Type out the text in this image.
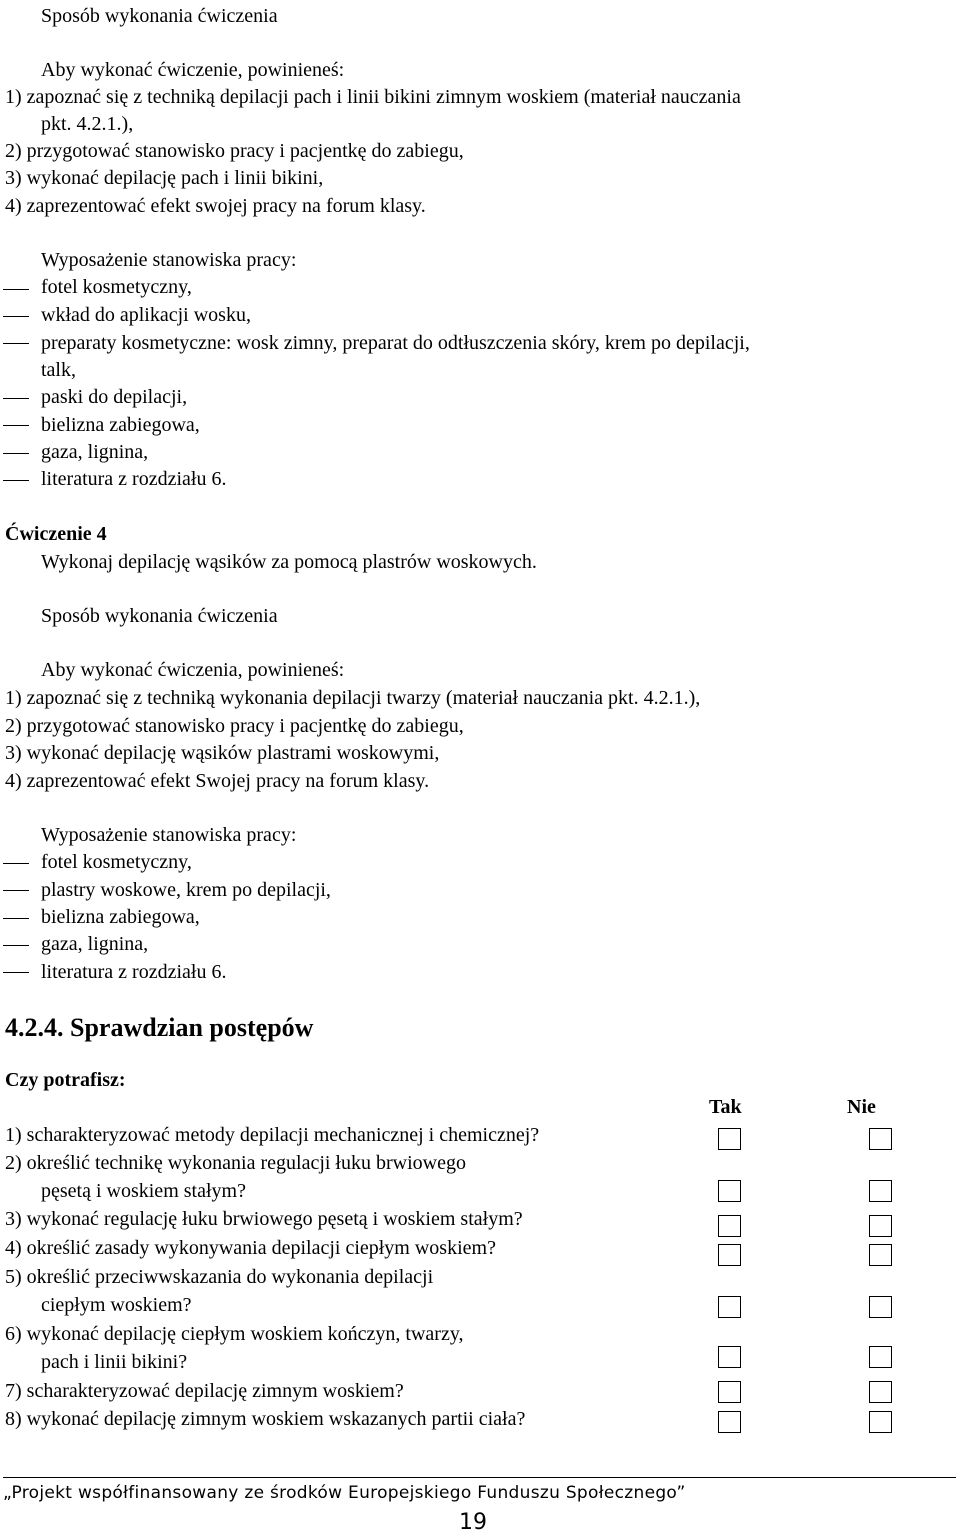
Sposób wykonania ćwiczenia
Aby wykonać ćwiczenie, powinieneś:
1) zapoznać się z techniką depilacji pach i linii bikini zimnym woskiem (materiał nauczania
pkt. 4.2.1.),
2) przygotować stanowisko pracy i pacjentkę do zabiegu,
3) wykonać depilację pach i linii bikini,
4) zaprezentować efekt swojej pracy na forum klasy.
Wyposażenie stanowiska pracy:
fotel kosmetyczny,
wkład do aplikacji wosku,
preparaty kosmetyczne: wosk zimny, preparat do odtłuszczenia skóry, krem po depilacji,
talk,
paski do depilacji,
bielizna zabiegowa,
gaza, lignina,
literatura z rozdziału 6.
Ćwiczenie 4
Wykonaj depilację wąsików za pomocą plastrów woskowych.
Sposób wykonania ćwiczenia
Aby wykonać ćwiczenia, powinieneś:
1) zapoznać się z techniką wykonania depilacji twarzy (materiał nauczania pkt. 4.2.1.),
2) przygotować stanowisko pracy i pacjentkę do zabiegu,
3) wykonać depilację wąsików plastrami woskowymi,
4) zaprezentować efekt Swojej pracy na forum klasy.
Wyposażenie stanowiska pracy:
fotel kosmetyczny,
plastry woskowe, krem po depilacji,
bielizna zabiegowa,
gaza, lignina,
literatura z rozdziału 6.
4.2.4. Sprawdzian postępów
Czy potrafisz:
Tak	Nie
1) scharakteryzować metody depilacji mechanicznej i chemicznej?
2) określić technikę wykonania regulacji łuku brwiowego
pęsetą i woskiem stałym?
3) wykonać regulację łuku brwiowego pęsetą i woskiem stałym?
4) określić zasady wykonywania depilacji ciepłym woskiem?
5) określić przeciwwskazania do wykonania depilacji
ciepłym woskiem?
6) wykonać depilację ciepłym woskiem kończyn, twarzy,
pach i linii bikini?
7) scharakteryzować depilację zimnym woskiem?
8) wykonać depilację zimnym woskiem wskazanych partii ciała?
„Projekt współfinansowany ze środków Europejskiego Funduszu Społecznego”
19
